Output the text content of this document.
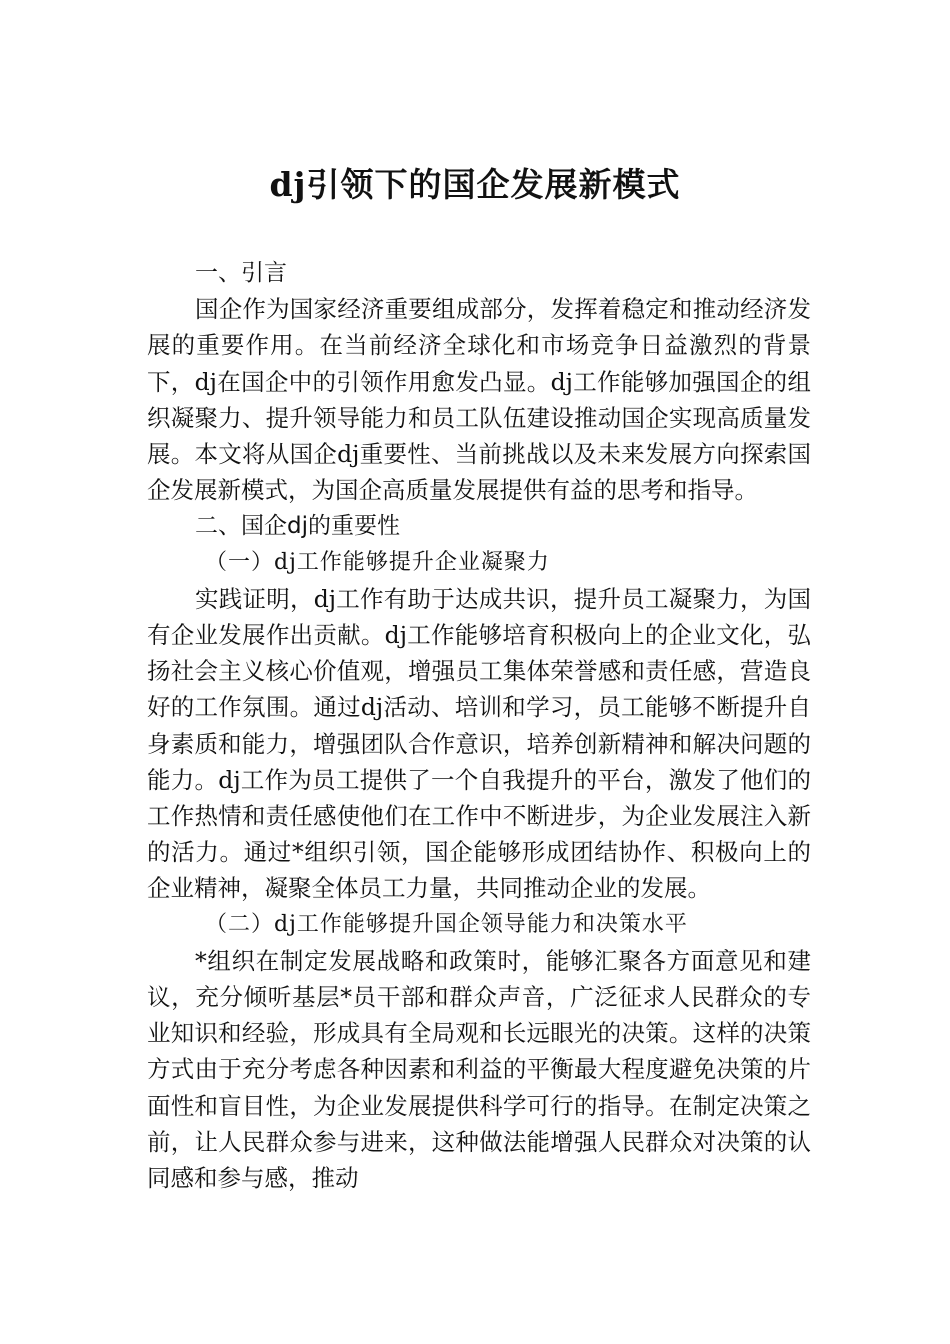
dj引领下的国企发展新模式
一、引言

国企作为国家经济重要组成部分，发挥着稳定和推动经济发展的重要作用。在当前经济全球化和市场竞争日益激烈的背景下，dj在国企中的引领作用愈发凸显。dj工作能够加强国企的组织凝聚力、提升领导能力和员工队伍建设推动国企实现高质量发展。本文将从国企dj重要性、当前挑战以及未来发展方向探索国企发展新模式，为国企高质量发展提供有益的思考和指导。

二、国企dj的重要性
（一）dj工作能够提升企业凝聚力

实践证明，dj工作有助于达成共识，提升员工凝聚力，为国有企业发展作出贡献。dj工作能够培育积极向上的企业文化，弘扬社会主义核心价值观，增强员工集体荣誉感和责任感，营造良好的工作氛围。通过dj活动、培训和学习，员工能够不断提升自身素质和能力，增强团队合作意识，培养创新精神和解决问题的能力。dj工作为员工提供了一个自我提升的平台，激发了他们的工作热情和责任感使他们在工作中不断进步，为企业发展注入新的活力。通过*组织引领，国企能够形成团结协作、积极向上的企业精神，凝聚全体员工力量，共同推动企业的发展。

（二）dj工作能够提升国企领导能力和决策水平

*组织在制定发展战略和政策时，能够汇聚各方面意见和建议，充分倾听基层*员干部和群众声音，广泛征求人民群众的专业知识和经验，形成具有全局观和长远眼光的决策。这样的决策方式由于充分考虑各种因素和利益的平衡最大程度避免决策的片面性和盲目性，为企业发展提供科学可行的指导。在制定决策之前，让人民群众参与进来，这种做法能增强人民群众对决策的认同感和参与感，推动
